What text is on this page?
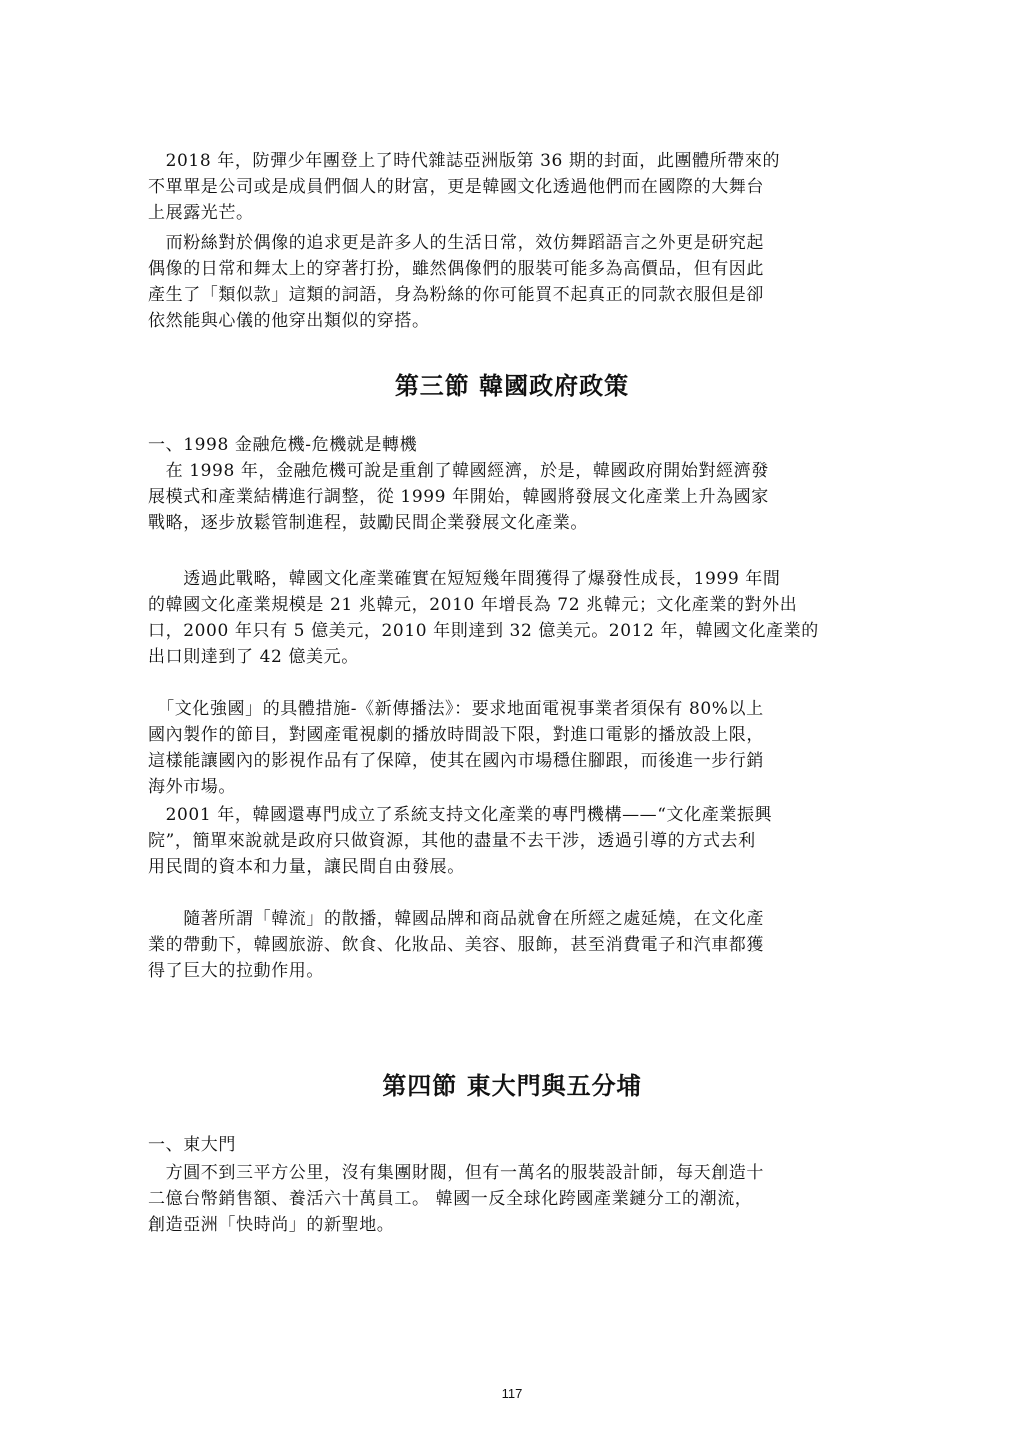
　2018 年，防彈少年團登上了時代雜誌亞洲版第 36 期的封面，此團體所帶來的
不單單是公司或是成員們個人的財富，更是韓國文化透過他們而在國際的大舞台
上展露光芒。
　而粉絲對於偶像的追求更是許多人的生活日常，效仿舞蹈語言之外更是研究起
偶像的日常和舞太上的穿著打扮，雖然偶像們的服裝可能多為高價品，但有因此
產生了「類似款」這類的詞語，身為粉絲的你可能買不起真正的同款衣服但是卻
依然能與心儀的他穿出類似的穿搭。
第三節 韓國政府政策
一、1998 金融危機-危機就是轉機
　在 1998 年，金融危機可說是重創了韓國經濟，於是，韓國政府開始對經濟發
展模式和產業結構進行調整，從 1999 年開始，韓國將發展文化產業上升為國家
戰略，逐步放鬆管制進程，鼓勵民間企業發展文化產業。
　　透過此戰略，韓國文化產業確實在短短幾年間獲得了爆發性成長，1999 年間
的韓國文化產業規模是 21 兆韓元，2010 年增長為 72 兆韓元；文化產業的對外出
口，2000 年只有 5 億美元，2010 年則達到 32 億美元。2012 年，韓國文化產業的
出口則達到了 42 億美元。
　「文化強國」的具體措施-《新傳播法》：要求地面電視事業者須保有 80%以上
國內製作的節目，對國產電視劇的播放時間設下限，對進口電影的播放設上限，
這樣能讓國內的影視作品有了保障，使其在國內市場穩住腳跟，而後進一步行銷
海外市場。
　2001 年，韓國還專門成立了系統支持文化產業的專門機構——“文化產業振興
院”，簡單來說就是政府只做資源，其他的盡量不去干涉，透過引導的方式去利
用民間的資本和力量，讓民間自由發展。
　　隨著所謂「韓流」的散播，韓國品牌和商品就會在所經之處延燒，在文化產
業的帶動下，韓國旅游、飲食、化妝品、美容、服飾，甚至消費電子和汽車都獲
得了巨大的拉動作用。
第四節 東大門與五分埔
一、東大門
　方圓不到三平方公里，沒有集團財閥，但有一萬名的服裝設計師，每天創造十
二億台幣銷售額、養活六十萬員工。 韓國一反全球化跨國產業鏈分工的潮流，
創造亞洲「快時尚」的新聖地。
117
